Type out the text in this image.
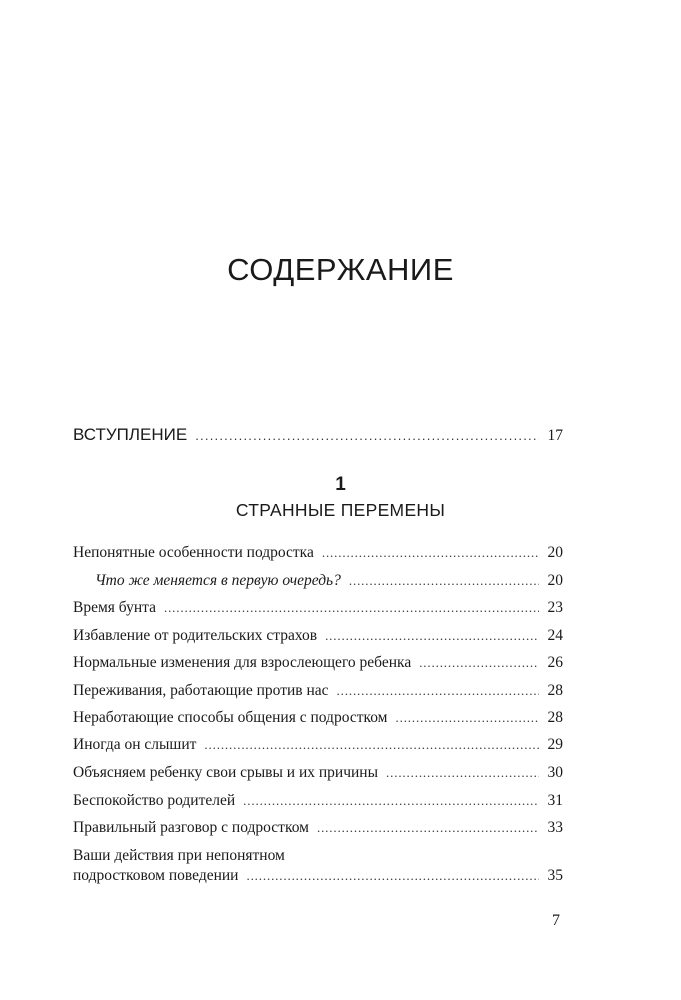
СОДЕРЖАНИЕ
ВСТУПЛЕНИЕ . . .	17
1
СТРАННЫЕ ПЕРЕМЕНЫ
Непонятные особенности подростка . . .	20
Что же меняется в первую очередь? . . .	20
Время бунта . . .	23
Избавление от родительских страхов . . .	24
Нормальные изменения для взрослеющего ребенка . . .	26
Переживания, работающие против нас . . .	28
Неработающие способы общения с подростком . . .	28
Иногда он слышит . . .	29
Объясняем ребенку свои срывы и их причины . . .	30
Беспокойство родителей . . .	31
Правильный разговор с подростком . . .	33
Ваши действия при непонятном
подростковом поведении . . .	35
7
